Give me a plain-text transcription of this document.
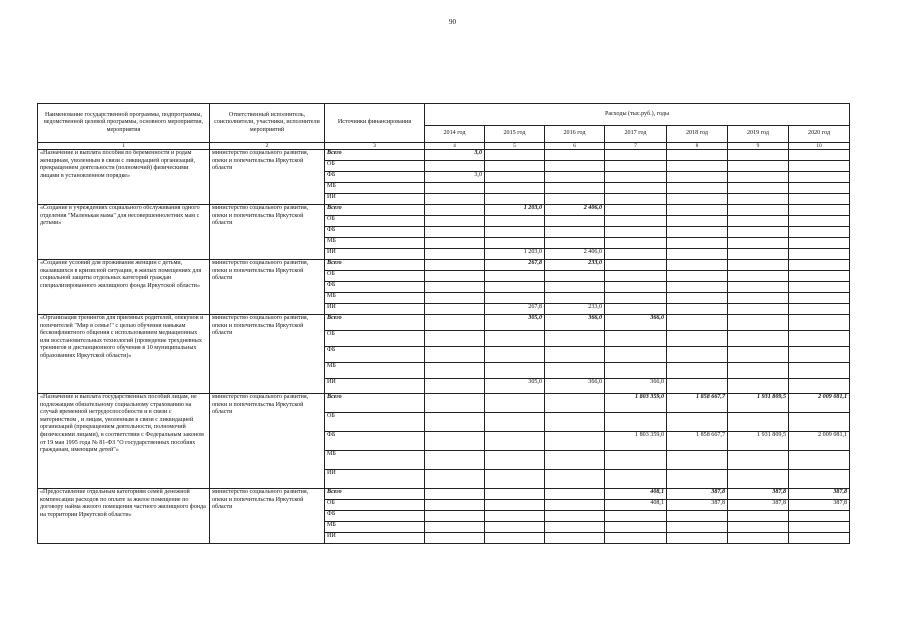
90
Наименование государственной программы, подпрограммы, ведомственной целевой программы, основного мероприятия, мероприятия	Ответственный исполнитель, соисполнители, участники, исполнители мероприятий	Источники финансирования	Расходы (тыс.руб.), годы						
			2014 год	2015 год	2016 год	2017 год	2018 год	2019 год	2020 год
1	2	3	4	5	6	7	8	9	10
«Назначение и выплата пособия по беременности и родам женщинам, уволенным в связи с ликвидацией организаций, прекращением деятельности (полномочий) физическими лицами в установленном порядке»	министерство социального развития, опеки и попечительства Иркутской области	Всего	3,0						
		ОБ							
		ФБ	3,0						
		МБ							
		ИИ							
«Создание в учреждениях социального обслуживания одного отделения "Маленькая мама" для несовершеннолетних мам с детьми»	министерство социального развития, опеки и попечительства Иркутской области	Всего		1 203,0	2 406,0				
		ОБ							
		ФБ							
		МБ							
		ИИ		1 203,0	2 406,0				
«Создание условий для проживания женщин с детьми, оказавшихся в кризисной ситуации, в жилых помещениях для социальной защиты отдельных категорий граждан специализированного жилищного фонда Иркутской области»	министерство социального развития, опеки и попечительства Иркутской области	Всего		267,8	233,0				
		ОБ							
		ФБ							
		МБ							
		ИИ		267,8	233,0				
«Организация тренингов для приемных родителей, опекунов и попечителей "Мир в семье!" с целью обучения навыкам бесконфликтного общения с использованием медиационных или восстановительных технологий (проведение трехдневных тренингов и дистанционного обучения в 10 муниципальных образованиях Иркутской области)»	министерство социального развития, опеки и попечительства Иркутской области	Всего		305,0	366,0	366,0			
		ОБ							
		ФБ							
		МБ							
		ИИ		305,0	366,0	366,0			
«Назначение и выплата государственных пособий лицам, не подлежащим обязательному социальному страхованию на случай временной нетрудоспособности и в связи с материнством , и лицам, уволенным в связи с ликвидацией организаций (прекращением деятельности, полномочий физическими лицами), в соответствии с Федеральным законом от 19 мая 1995 года № 81-ФЗ "О государственных пособиях гражданам, имеющим детей"»	министерство социального развития, опеки и попечительства Иркутской области	Всего				1 803 359,0	1 858 667,7	1 931 809,5	2 009 081,1
		ОБ							
		ФБ				1 803 359,0	1 858 667,7	1 931 809,5	2 009 081,1
		МБ							
		ИИ							
«Предоставление отдельным категориям семей денежной компенсации расходов по оплате за жилое помещение по договору найма жилого помещения частного жилищного фонда на территории Иркутской области»	министерство социального развития, опеки и попечительства Иркутской области	Всего				408,1	387,8	387,8	387,8
		ОБ				408,1	387,8	387,8	387,8
		ФБ							
		МБ							
		ИИ							
